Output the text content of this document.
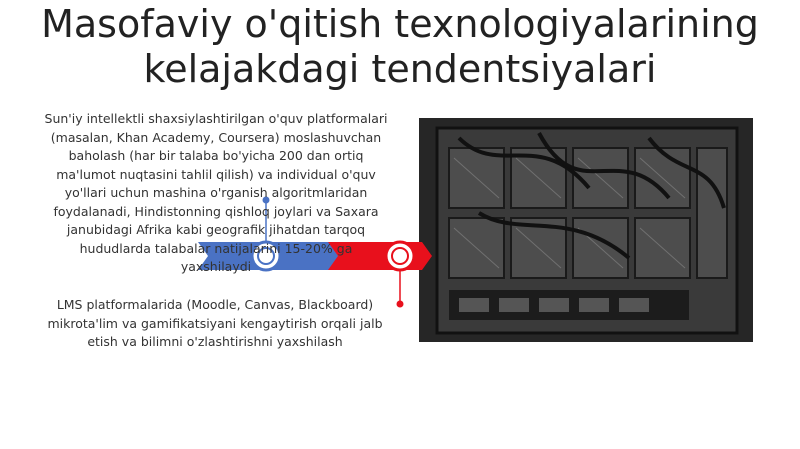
Masofaviy o'qitish texnologiyalarining kelajakdagi tendentsiyalari
Sun'iy intellektli shaxsiylashtirilgan o'quv platformalari (masalan, Khan Academy, Coursera) moslashuvchan baholash (har bir talaba bo'yicha 200 dan ortiq ma'lumot nuqtasini tahlil qilish) va individual o'quv yo'llari uchun mashina o'rganish algoritmlaridan foydalanadi, Hindistonning qishloq joylari va Saxara janubidagi Afrika kabi geografik jihatdan tarqoq hududlarda talabalar natijalarini 15-20% ga yaxshilaydi
LMS platformalarida (Moodle, Canvas, Blackboard) mikrota'lim va gamifikatsiyani kengaytirish orqali jalb etish va bilimni o'zlashtirishni yaxshilash
